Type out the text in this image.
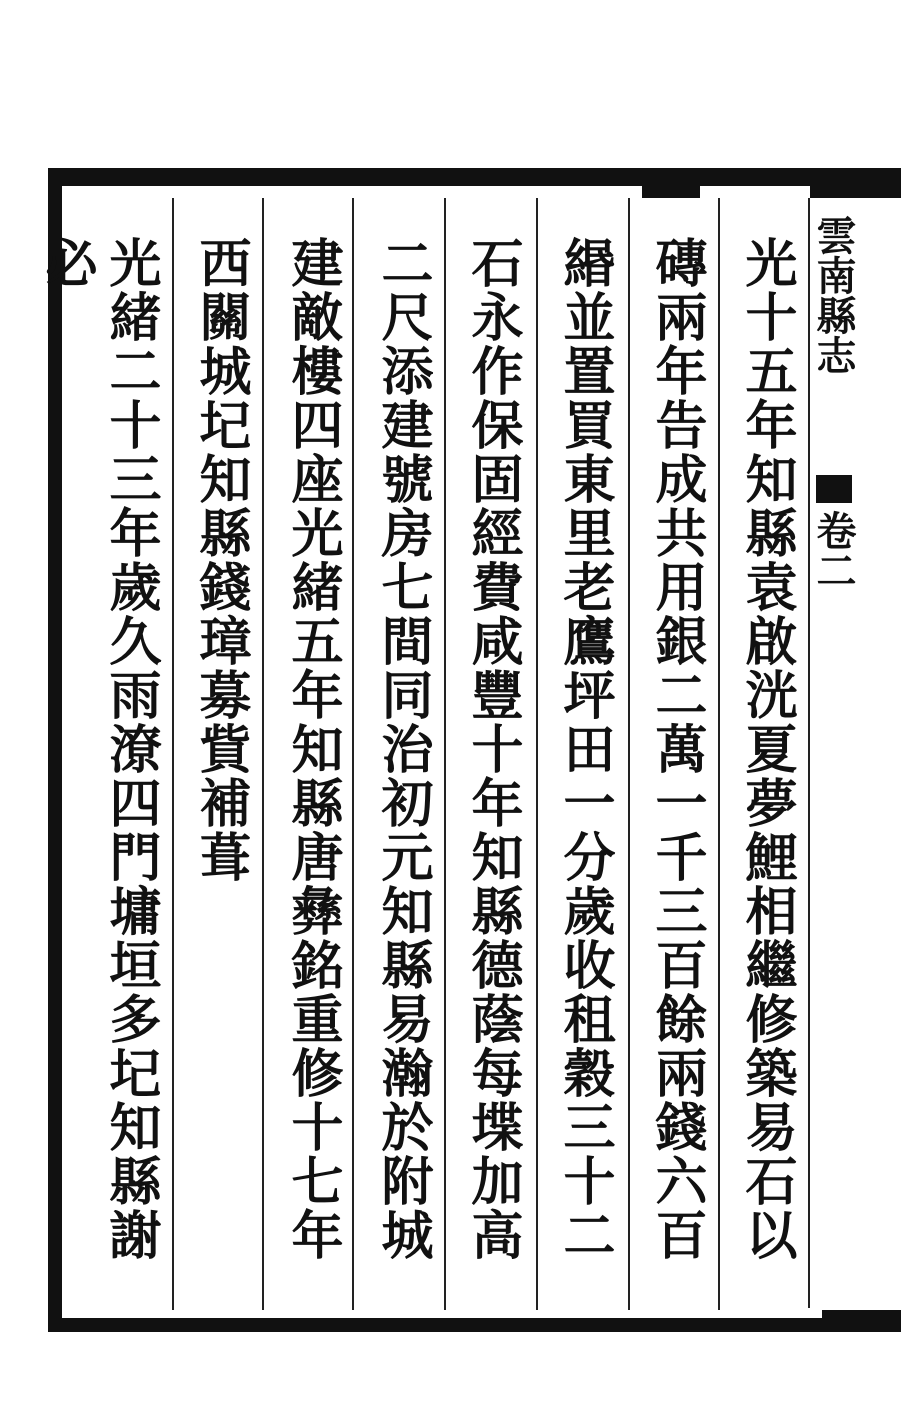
雲南縣志
卷二
光十五年知縣袁啟洸夏夢鯉相繼修築易石以
磚兩年告成共用銀二萬一千三百餘兩錢六百
緡並置買東里老鷹坪田一分歲收租穀三十二
石永作保固經費咸豐十年知縣德蔭每堞加高
二尺添建號房七間同治初元知縣易瀚於附城
建敵樓四座光緒五年知縣唐彝銘重修十七年
西關城圮知縣錢璋募貲補葺
光緒二十三年歲久雨潦四門墉垣多圮知縣謝必
